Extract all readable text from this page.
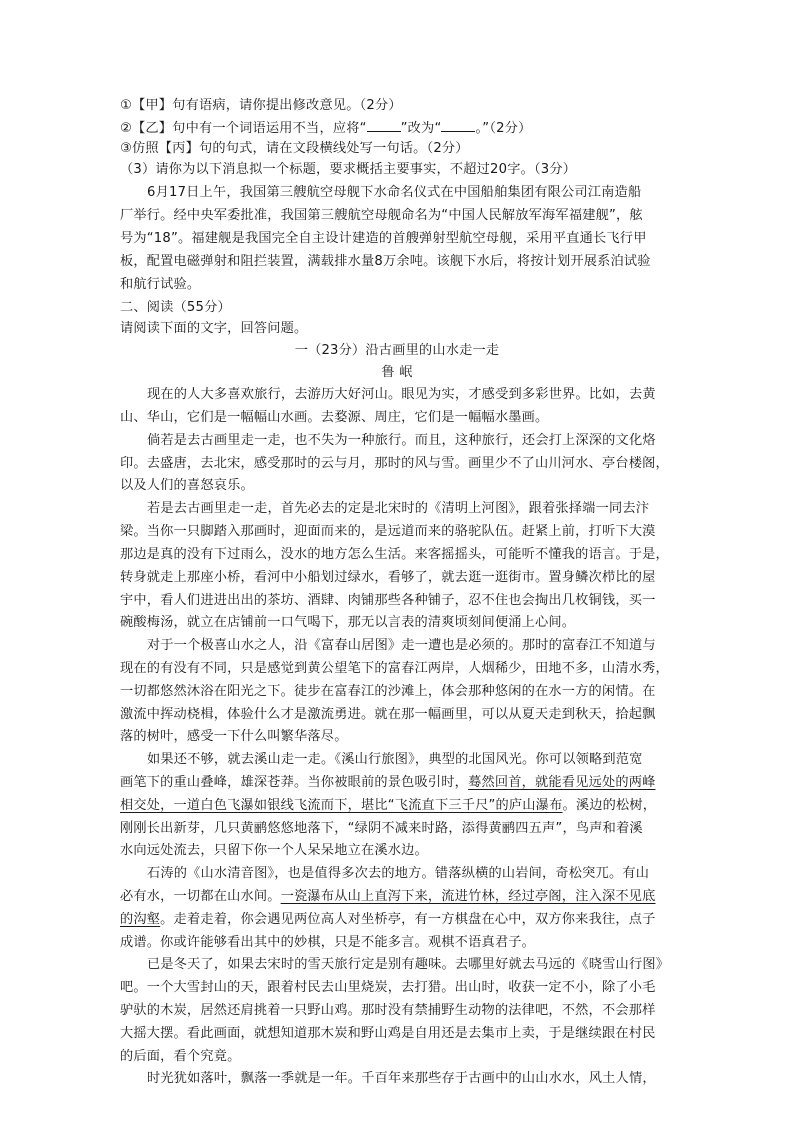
①【甲】句有语病，请你提出修改意见。（2分）
②【乙】句中有一个词语运用不当，应将“	”改为“	。”（2分）
③仿照【丙】句的句式，请在文段横线处写一句话。（2分）
（3）请你为以下消息拟一个标题，要求概括主要事实，不超过20字。（3分）
6月17日上午，我国第三艘航空母舰下水命名仪式在中国船舶集团有限公司江南造船
厂举行。经中央军委批准，我国第三艘航空母舰命名为“中国人民解放军海军福建舰”，舷
号为“18”。福建舰是我国完全自主设计建造的首艘弹射型航空母舰，采用平直通长飞行甲
板，配置电磁弹射和阻拦装置，满载排水量8万余吨。该舰下水后，将按计划开展系泊试验
和航行试验。
二、阅读（55分）
请阅读下面的文字，回答问题。
一（23分）沿古画里的山水走一走
鲁 岷
现在的人大多喜欢旅行，去游历大好河山。眼见为实，才感受到多彩世界。比如，去黄
山、华山，它们是一幅幅山水画。去婺源、周庄，它们是一幅幅水墨画。
倘若是去古画里走一走，也不失为一种旅行。而且，这种旅行，还会打上深深的文化烙
印。去盛唐，去北宋，感受那时的云与月，那时的风与雪。画里少不了山川河水、亭台楼阁，
以及人们的喜怒哀乐。
若是去古画里走一走，首先必去的定是北宋时的《清明上河图》，跟着张择端一同去汴
梁。当你一只脚踏入那画时，迎面而来的，是远道而来的骆驼队伍。赶紧上前，打听下大漠
那边是真的没有下过雨么，没水的地方怎么生活。来客摇摇头，可能听不懂我的语言。于是，
转身就走上那座小桥，看河中小船划过绿水，看够了，就去逛一逛街市。置身鳞次栉比的屋
宇中，看人们进进出出的茶坊、酒肆、肉铺那些各种铺子，忍不住也会掏出几枚铜钱，买一
碗酸梅汤，就立在店铺前一口气喝下，那无以言表的清爽顷刻间便涌上心间。
对于一个极喜山水之人，沿《富春山居图》走一遭也是必须的。那时的富春江不知道与
现在的有没有不同，只是感觉到黄公望笔下的富春江两岸，人烟稀少，田地不多，山清水秀，
一切都悠然沐浴在阳光之下。徒步在富春江的沙滩上，体会那种悠闲的在水一方的闲情。在
激流中挥动桡楫，体验什么才是激流勇进。就在那一幅画里，可以从夏天走到秋天，拾起飘
落的树叶，感受一下什么叫繁华落尽。
如果还不够，就去溪山走一走。《溪山行旅图》，典型的北国风光。你可以领略到范宽
画笔下的重山叠峰，雄深苍莽。当你被眼前的景色吸引时，蓦然回首，就能看见远处的两峰
相交处，一道白色飞瀑如银线飞流而下，堪比“飞流直下三千尺”的庐山瀑布。溪边的松树，
刚刚长出新芽，几只黄鹂悠悠地落下，“绿阴不减来时路，添得黄鹂四五声”，鸟声和着溪
水向远处流去，只留下你一个人呆呆地立在溪水边。
石涛的《山水清音图》，也是值得多次去的地方。错落纵横的山岩间，奇松突兀。有山
必有水，一切都在山水间。一瓷瀑布从山上直泻下来，流进竹林，经过亭阁，注入深不见底
的沟壑。走着走着，你会遇见两位高人对坐桥亭，有一方棋盘在心中，双方你来我往，点子
成谱。你或许能够看出其中的妙棋，只是不能多言。观棋不语真君子。
已是冬天了，如果去宋时的雪天旅行定是别有趣味。去哪里好就去马远的《晓雪山行图》
吧。一个大雪封山的天，跟着村民去山里烧炭，去打猎。出山时，收获一定不小，除了小毛
驴驮的木炭，居然还肩挑着一只野山鸡。那时没有禁捕野生动物的法律吧，不然，不会那样
大摇大摆。看此画面，就想知道那木炭和野山鸡是自用还是去集市上卖，于是继续跟在村民
的后面，看个究竟。
时光犹如落叶，飘落一季就是一年。千百年来那些存于古画中的山山水水，风土人情，
